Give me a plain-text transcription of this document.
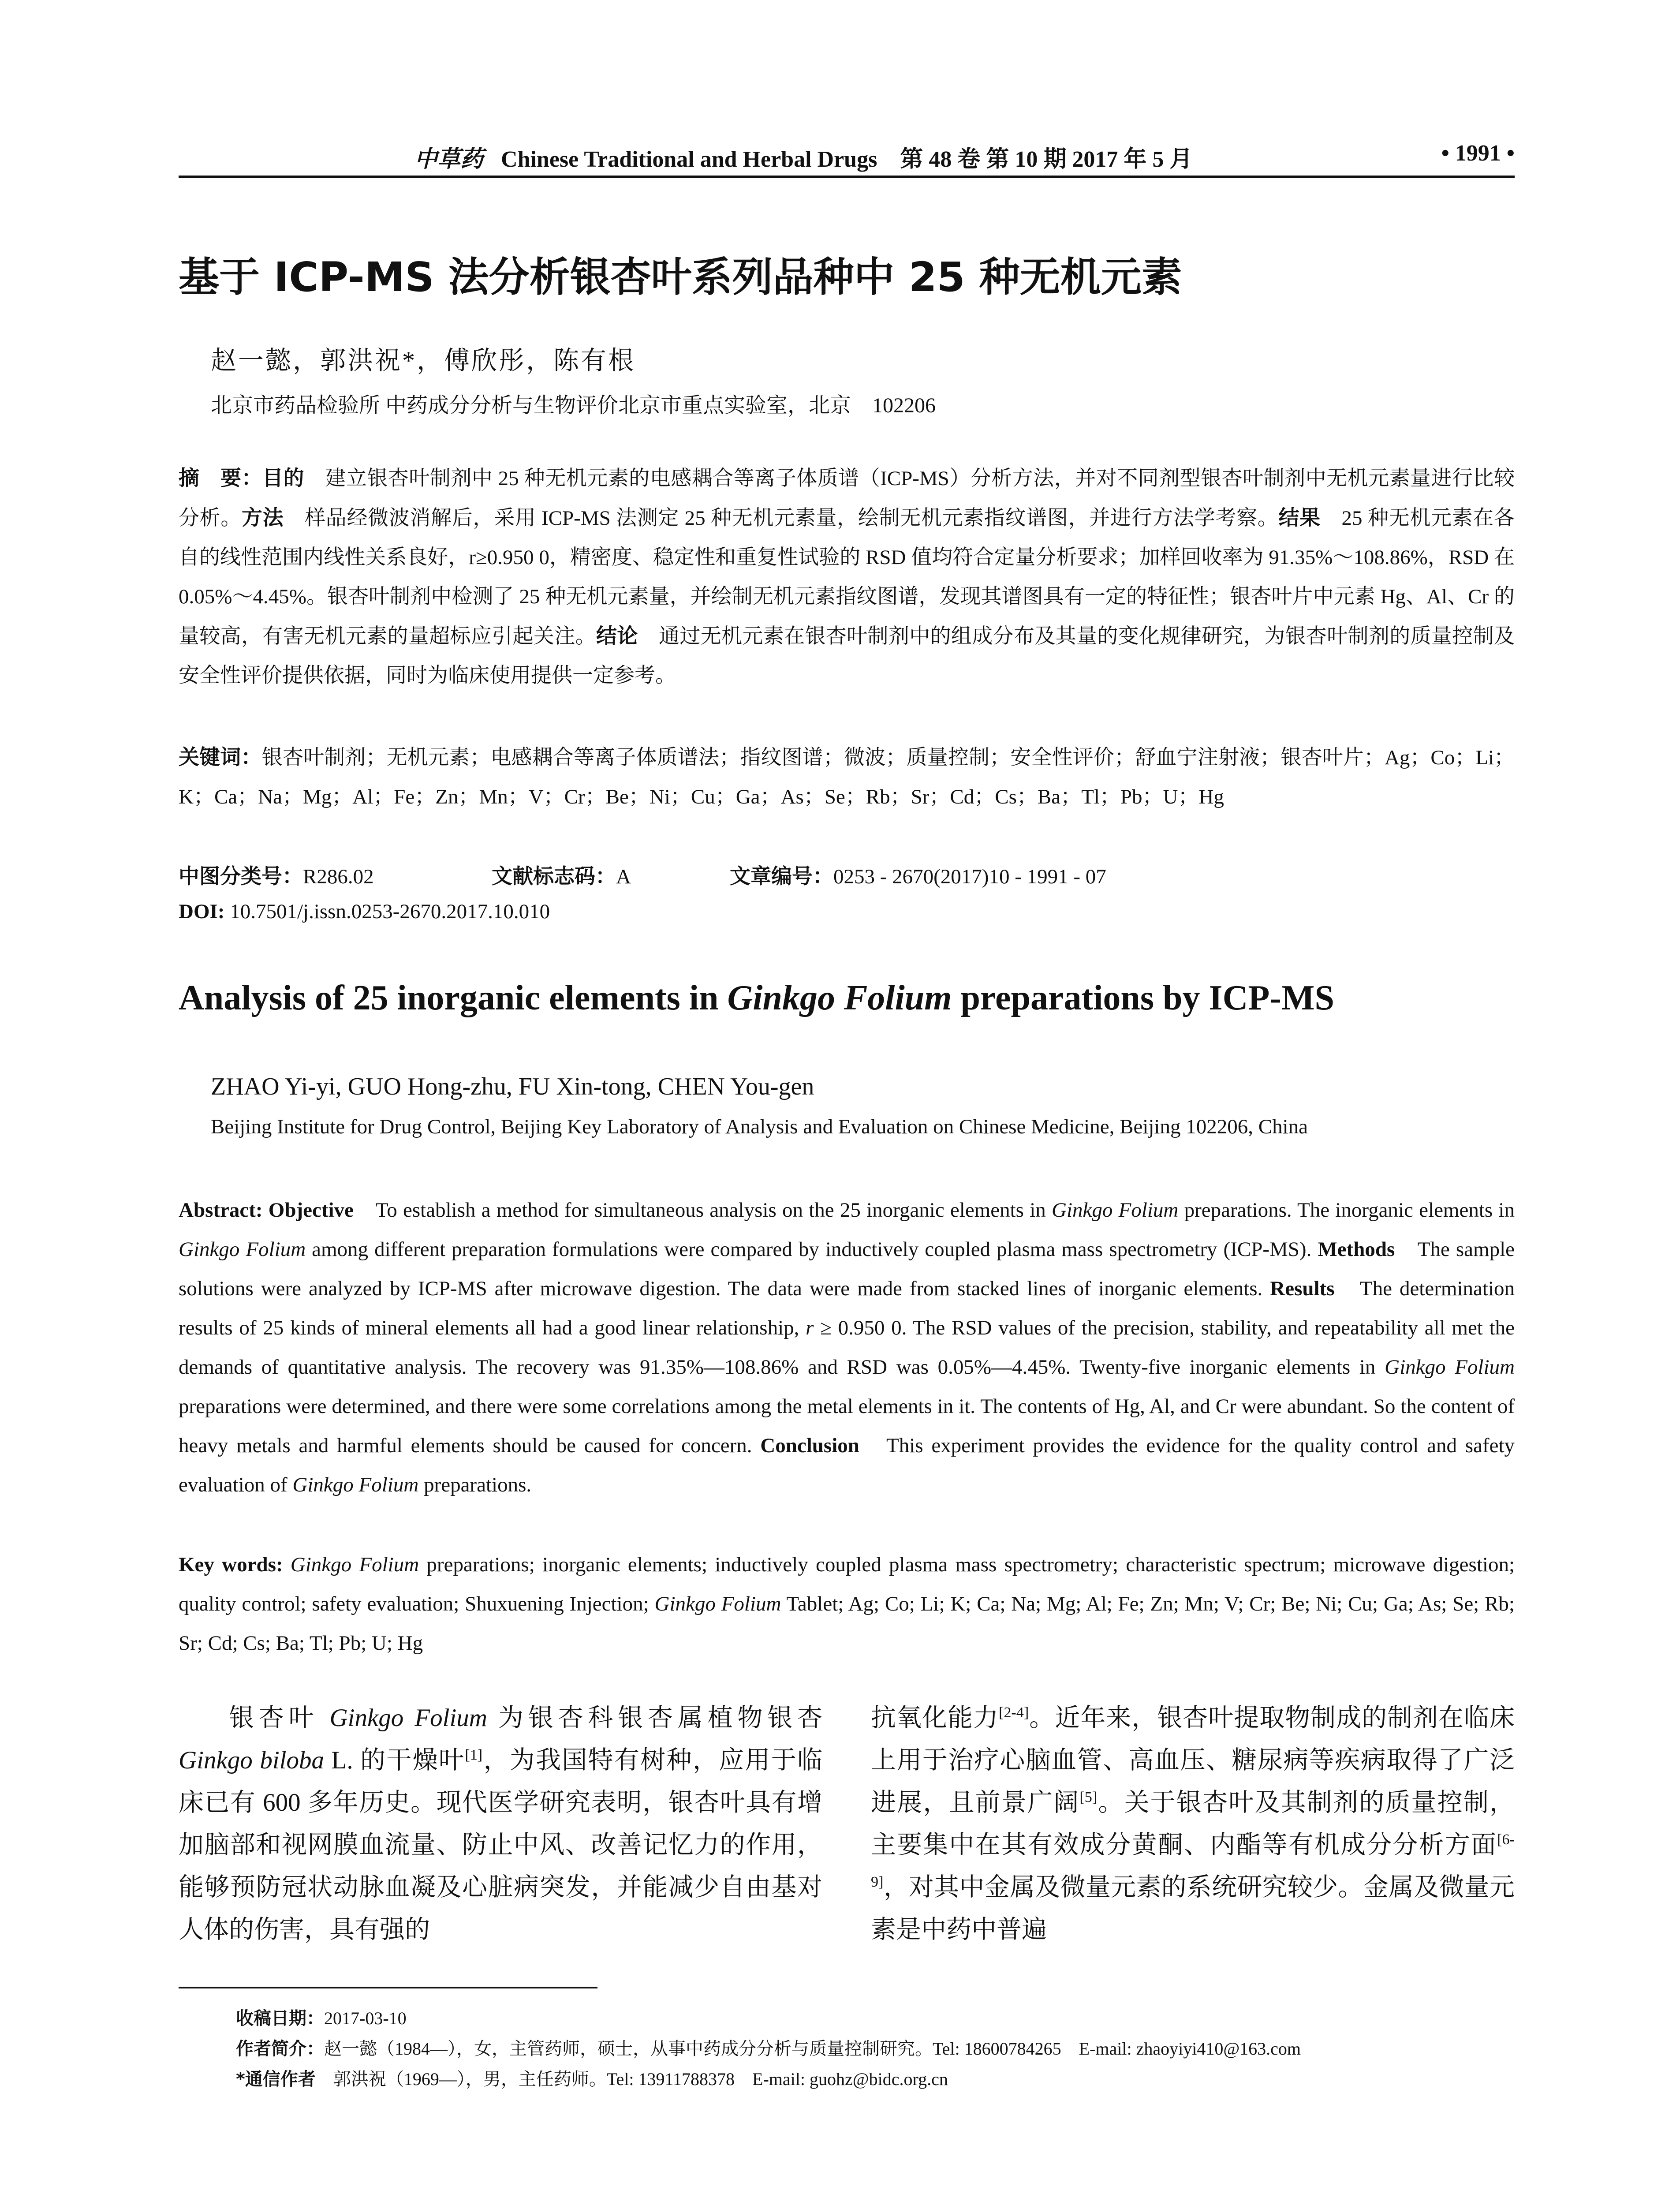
中草药 Chinese Traditional and Herbal Drugs　第 48 卷 第 10 期 2017 年 5 月	• 1991 •
基于 ICP-MS 法分析银杏叶系列品种中 25 种无机元素
赵一懿，郭洪祝*，傅欣彤，陈有根
北京市药品检验所 中药成分分析与生物评价北京市重点实验室，北京　102206
摘　要：目的　建立银杏叶制剂中 25 种无机元素的电感耦合等离子体质谱（ICP-MS）分析方法，并对不同剂型银杏叶制剂中无机元素量进行比较分析。方法　样品经微波消解后，采用 ICP-MS 法测定 25 种无机元素量，绘制无机元素指纹谱图，并进行方法学考察。结果　25 种无机元素在各自的线性范围内线性关系良好，r≥0.950 0，精密度、稳定性和重复性试验的 RSD 值均符合定量分析要求；加样回收率为 91.35%～108.86%，RSD 在 0.05%～4.45%。银杏叶制剂中检测了 25 种无机元素量，并绘制无机元素指纹图谱，发现其谱图具有一定的特征性；银杏叶片中元素 Hg、Al、Cr 的量较高，有害无机元素的量超标应引起关注。结论　通过无机元素在银杏叶制剂中的组成分布及其量的变化规律研究，为银杏叶制剂的质量控制及安全性评价提供依据，同时为临床使用提供一定参考。
关键词：银杏叶制剂；无机元素；电感耦合等离子体质谱法；指纹图谱；微波；质量控制；安全性评价；舒血宁注射液；银杏叶片；Ag；Co；Li；K；Ca；Na；Mg；Al；Fe；Zn；Mn；V；Cr；Be；Ni；Cu；Ga；As；Se；Rb；Sr；Cd；Cs；Ba；Tl；Pb；U；Hg
中图分类号：R286.02	文献标志码：A	文章编号：0253 - 2670(2017)10 - 1991 - 07
DOI: 10.7501/j.issn.0253-2670.2017.10.010
Analysis of 25 inorganic elements in Ginkgo Folium preparations by ICP-MS
ZHAO Yi-yi, GUO Hong-zhu, FU Xin-tong, CHEN You-gen
Beijing Institute for Drug Control, Beijing Key Laboratory of Analysis and Evaluation on Chinese Medicine, Beijing 102206, China
Abstract: Objective　To establish a method for simultaneous analysis on the 25 inorganic elements in Ginkgo Folium preparations. The inorganic elements in Ginkgo Folium among different preparation formulations were compared by inductively coupled plasma mass spectrometry (ICP-MS). Methods　The sample solutions were analyzed by ICP-MS after microwave digestion. The data were made from stacked lines of inorganic elements. Results　The determination results of 25 kinds of mineral elements all had a good linear relationship, r ≥ 0.950 0. The RSD values of the precision, stability, and repeatability all met the demands of quantitative analysis. The recovery was 91.35%—108.86% and RSD was 0.05%—4.45%. Twenty-five inorganic elements in Ginkgo Folium preparations were determined, and there were some correlations among the metal elements in it. The contents of Hg, Al, and Cr were abundant. So the content of heavy metals and harmful elements should be caused for concern. Conclusion　This experiment provides the evidence for the quality control and safety evaluation of Ginkgo Folium preparations.
Key words: Ginkgo Folium preparations; inorganic elements; inductively coupled plasma mass spectrometry; characteristic spectrum; microwave digestion; quality control; safety evaluation; Shuxuening Injection; Ginkgo Folium Tablet; Ag; Co; Li; K; Ca; Na; Mg; Al; Fe; Zn; Mn; V; Cr; Be; Ni; Cu; Ga; As; Se; Rb; Sr; Cd; Cs; Ba; Tl; Pb; U; Hg
银杏叶 Ginkgo Folium 为银杏科银杏属植物银杏 Ginkgo biloba L. 的干燥叶[1]，为我国特有树种，应用于临床已有 600 多年历史。现代医学研究表明，银杏叶具有增加脑部和视网膜血流量、防止中风、改善记忆力的作用，能够预防冠状动脉血凝及心脏病突发，并能减少自由基对人体的伤害，具有强的
抗氧化能力[2-4]。近年来，银杏叶提取物制成的制剂在临床上用于治疗心脑血管、高血压、糖尿病等疾病取得了广泛进展，且前景广阔[5]。关于银杏叶及其制剂的质量控制，主要集中在其有效成分黄酮、内酯等有机成分分析方面[6-9]，对其中金属及微量元素的系统研究较少。金属及微量元素是中药中普遍
收稿日期：2017-03-10
作者简介：赵一懿（1984—），女，主管药师，硕士，从事中药成分分析与质量控制研究。Tel: 18600784265　E-mail: zhaoyiyi410@163.com
*通信作者　郭洪祝（1969—），男，主任药师。Tel: 13911788378　E-mail: guohz@bidc.org.cn
